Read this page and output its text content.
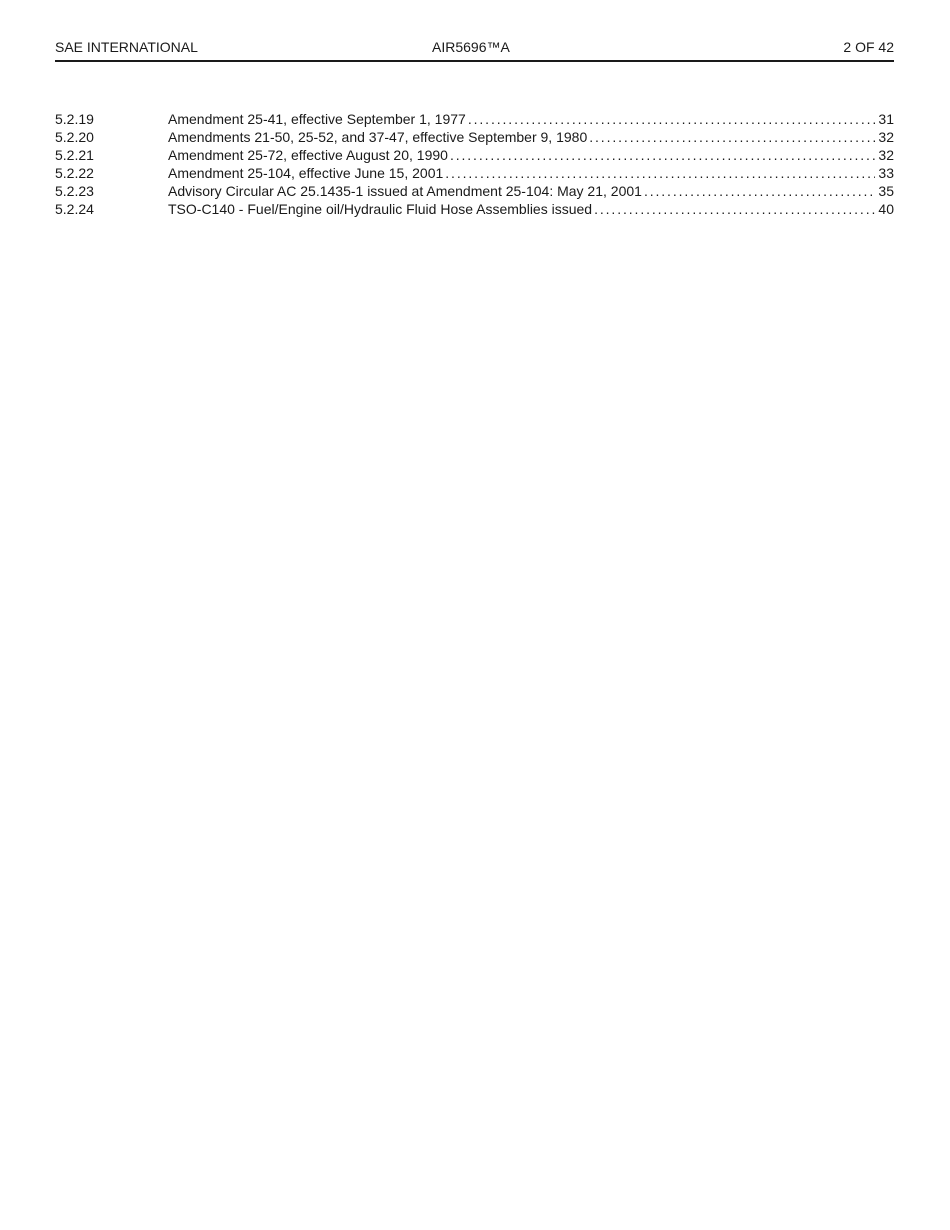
SAE INTERNATIONAL	AIR5696™A	2 OF 42
5.2.19	Amendment 25-41, effective September 1, 1977 . . .	31
5.2.20	Amendments 21-50, 25-52, and 37-47, effective September 9, 1980 . . .	32
5.2.21	Amendment 25-72, effective August 20, 1990 . . .	32
5.2.22	Amendment 25-104, effective June 15, 2001 . . .	33
5.2.23	Advisory Circular AC 25.1435-1 issued at Amendment 25-104: May 21, 2001 . . .	35
5.2.24	TSO-C140 - Fuel/Engine oil/Hydraulic Fluid Hose Assemblies issued . . .	40
